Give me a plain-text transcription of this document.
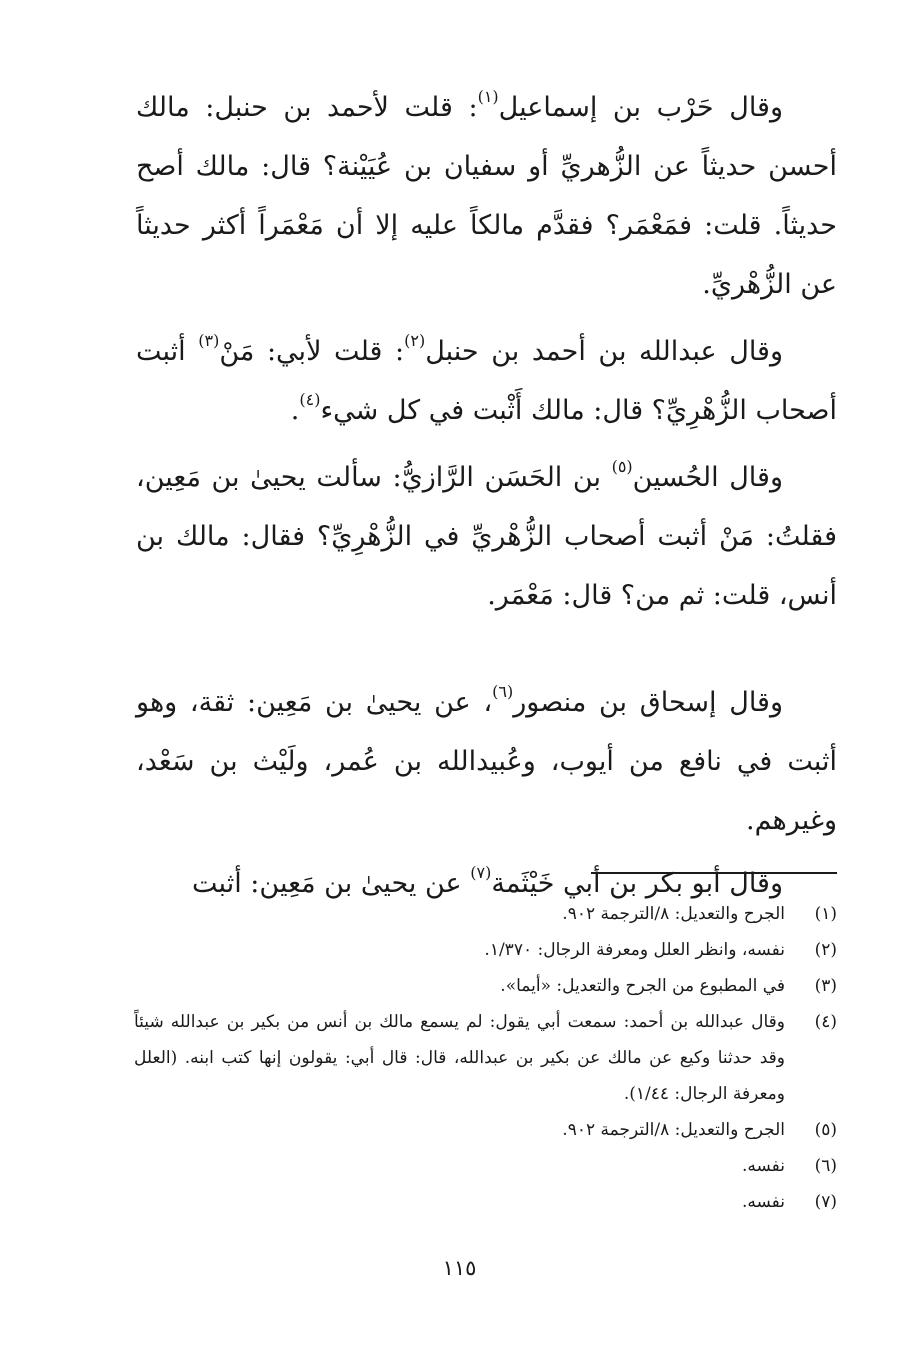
وقال حَرْب بن إسماعيل$^{(١)}$: قلت لأحمد بن حنبل: مالك أحسن حديثاً عن الزُّهريِّ أو سفيان بن عُيَيْنة؟ قال: مالك أصح حديثاً. قلت: فمَعْمَر؟ فقدَّم مالكاً عليه إلا أن مَعْمَراً أكثر حديثاً عن الزُّهْريِّ.

وقال عبدالله بن أحمد بن حنبل$^{(٢)}$: قلت لأبي: مَنْ$^{(٣)}$ أثبت أصحاب الزُّهْرِيِّ؟ قال: مالك أَثْبت في كل شيء$^{(٤)}$.

وقال الحُسين$^{(٥)}$ بن الحَسَن الرَّازيُّ: سألت يحيىٰ بن مَعِين، فقلتُ: مَنْ أثبت أصحاب الزُّهْريِّ في الزُّهْرِيِّ؟ فقال: مالك بن أنس، قلت: ثم من؟ قال: مَعْمَر.

وقال إسحاق بن منصور$^{(٦)}$، عن يحيىٰ بن مَعِين: ثقة، وهو أثبت في نافع من أيوب، وعُبيدالله بن عُمر، ولَيْث بن سَعْد، وغيرهم.

وقال أبو بكر بن أبي خَيْثَمة$^{(٧)}$ عن يحيىٰ بن مَعِين: أثبت

(١)
الجرح والتعديل: ٨/الترجمة ٩٠٢.
(٢)
نفسه، وانظر العلل ومعرفة الرجال: ١/٣٧٠.
(٣)
في المطبوع من الجرح والتعديل: «أيما».
(٤)
وقال عبدالله بن أحمد: سمعت أبي يقول: لم يسمع مالك بن أنس من بكير بن عبدالله شيئاً وقد حدثنا وكيع عن مالك عن بكير بن عبدالله، قال: قال أبي: يقولون إنها كتب ابنه. (العلل ومعرفة الرجال: ١/٤٤).
(٥)
الجرح والتعديل: ٨/الترجمة ٩٠٢.
(٦)
نفسه.
(٧)
نفسه.
١١٥
